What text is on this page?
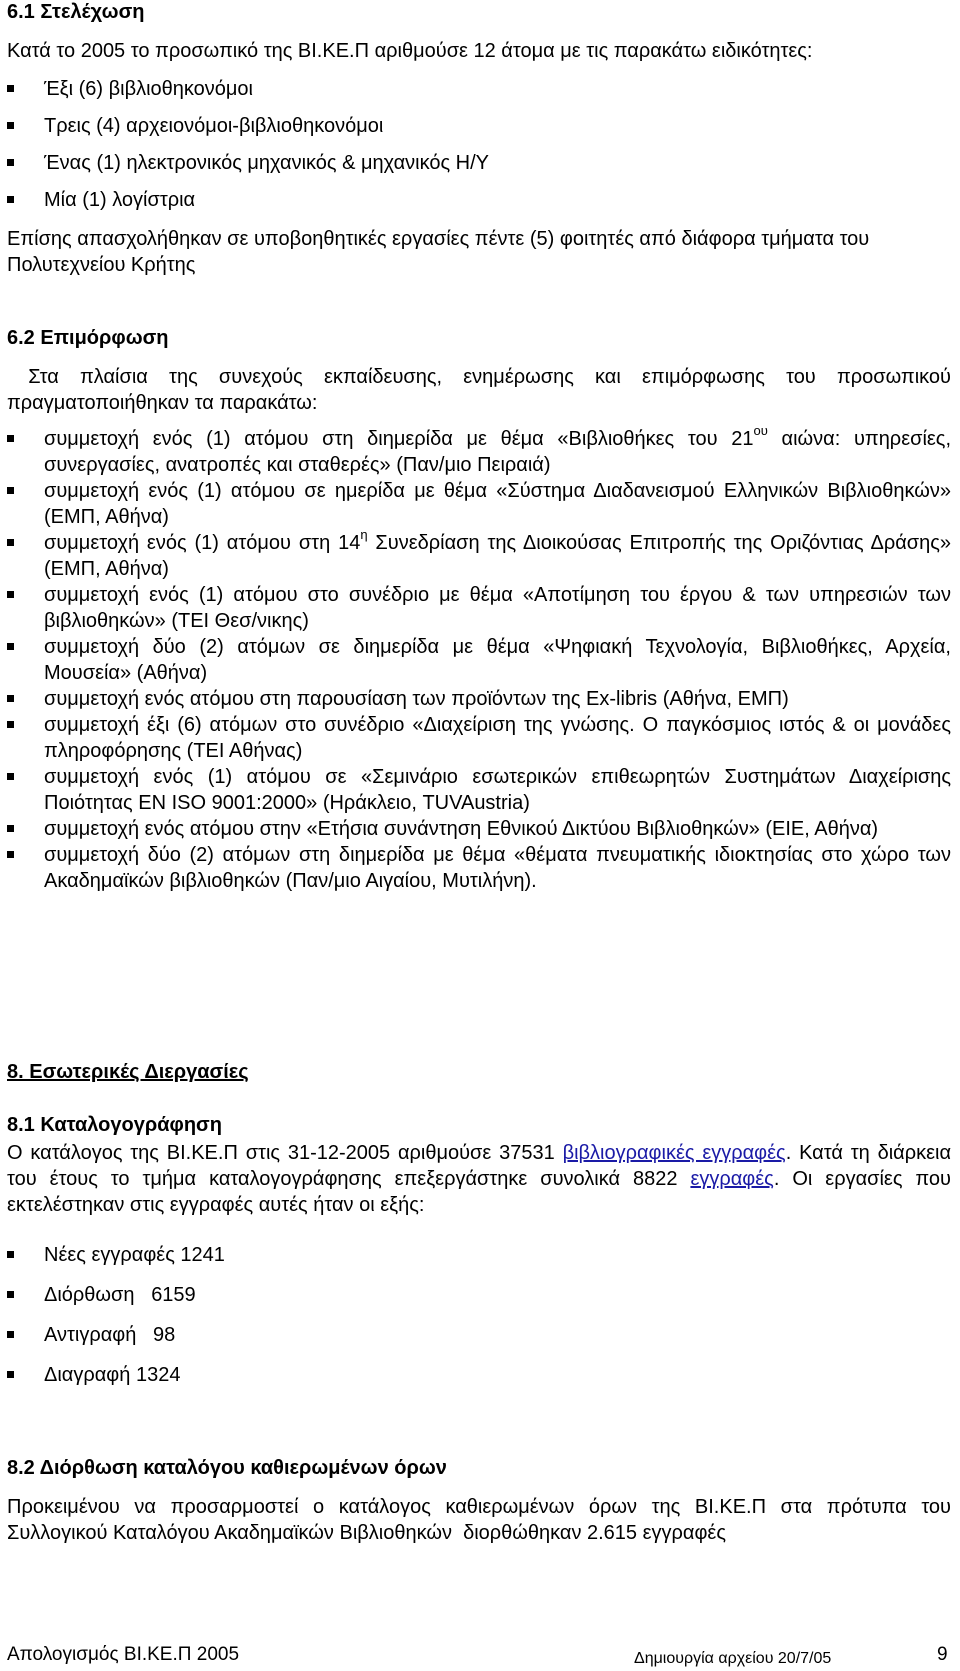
6.1 Στελέχωση
Κατά το 2005 το προσωπικό της ΒΙ.ΚΕ.Π αριθμούσε 12 άτομα με τις παρακάτω ειδικότητες:
Έξι (6) βιβλιοθηκονόμοι
Τρεις (4) αρχειονόμοι-βιβλιοθηκονόμοι
Ένας (1) ηλεκτρονικός μηχανικός & μηχανικός Η/Υ
Μία (1) λογίστρια
Επίσης απασχολήθηκαν σε υποβοηθητικές εργασίες πέντε (5) φοιτητές από διάφορα τμήματα του Πολυτεχνείου Κρήτης
6.2 Επιμόρφωση
Στα πλαίσια της συνεχούς εκπαίδευσης, ενημέρωσης και επιμόρφωσης του προσωπικού πραγματοποιήθηκαν τα παρακάτω:
συμμετοχή ενός (1) ατόμου στη διημερίδα με θέμα «Βιβλιοθήκες του $21^{o\upsilon}$ αιώνα: υπηρεσίες, συνεργασίες, ανατροπές και σταθερές» (Παν/μιο Πειραιά)
συμμετοχή ενός (1) ατόμου σε ημερίδα με θέμα «Σύστημα Διαδανεισμού Ελληνικών Βιβλιοθηκών» (ΕΜΠ, Αθήνα)
συμμετοχή ενός (1) ατόμου στη $14^\eta$ Συνεδρίαση της Διοικούσας Επιτροπής της Οριζόντιας Δράσης» (ΕΜΠ, Αθήνα)
συμμετοχή ενός (1) ατόμου στο συνέδριο με θέμα «Αποτίμηση του έργου & των υπηρεσιών των βιβλιοθηκών» (ΤΕΙ Θεσ/νικης)
συμμετοχή δύο (2) ατόμων σε διημερίδα με θέμα «Ψηφιακή Τεχνολογία, Βιβλιοθήκες, Αρχεία, Μουσεία» (Αθήνα)
συμμετοχή ενός ατόμου στη παρουσίαση των προϊόντων της Ex-libris (Αθήνα, ΕΜΠ)
συμμετοχή έξι (6) ατόμων στο συνέδριο «Διαχείριση της γνώσης. Ο παγκόσμιος ιστός & οι μονάδες πληροφόρησης (ΤΕΙ Αθήνας)
συμμετοχή ενός (1) ατόμου σε «Σεμινάριο εσωτερικών επιθεωρητών Συστημάτων Διαχείρισης Ποιότητας EN ISO 9001:2000» (Ηράκλειο, TUVAustria)
συμμετοχή ενός ατόμου στην «Ετήσια συνάντηση Εθνικού Δικτύου Βιβλιοθηκών» (ΕΙΕ, Αθήνα)
συμμετοχή δύο (2) ατόμων στη διημερίδα με θέμα «θέματα πνευματικής ιδιοκτησίας στο χώρο των Ακαδημαϊκών βιβλιοθηκών (Παν/μιο Αιγαίου, Μυτιλήνη).
8. Εσωτερικές Διεργασίες
8.1 Καταλογογράφηση
Ο κατάλογος της ΒΙ.ΚΕ.Π στις 31-12-2005 αριθμούσε 37531 βιβλιογραφικές εγγραφές. Κατά τη διάρκεια του έτους το τμήμα καταλογογράφησης επεξεργάστηκε συνολικά 8822 εγγραφές. Οι εργασίες που εκτελέστηκαν στις εγγραφές αυτές ήταν οι εξής:
Νέες εγγραφές 1241
Διόρθωση 6159
Αντιγραφή 98
Διαγραφή 1324
8.2 Διόρθωση καταλόγου καθιερωμένων όρων
Προκειμένου να προσαρμοστεί ο κατάλογος καθιερωμένων όρων της ΒΙ.ΚΕ.Π στα πρότυπα του Συλλογικού Καταλόγου Ακαδημαϊκών Βιβλιοθηκών  διορθώθηκαν 2.615 εγγραφές
Απολογισμός ΒΙ.ΚΕ.Π 2005	Δημιουργία αρχείου 20/7/05	9
